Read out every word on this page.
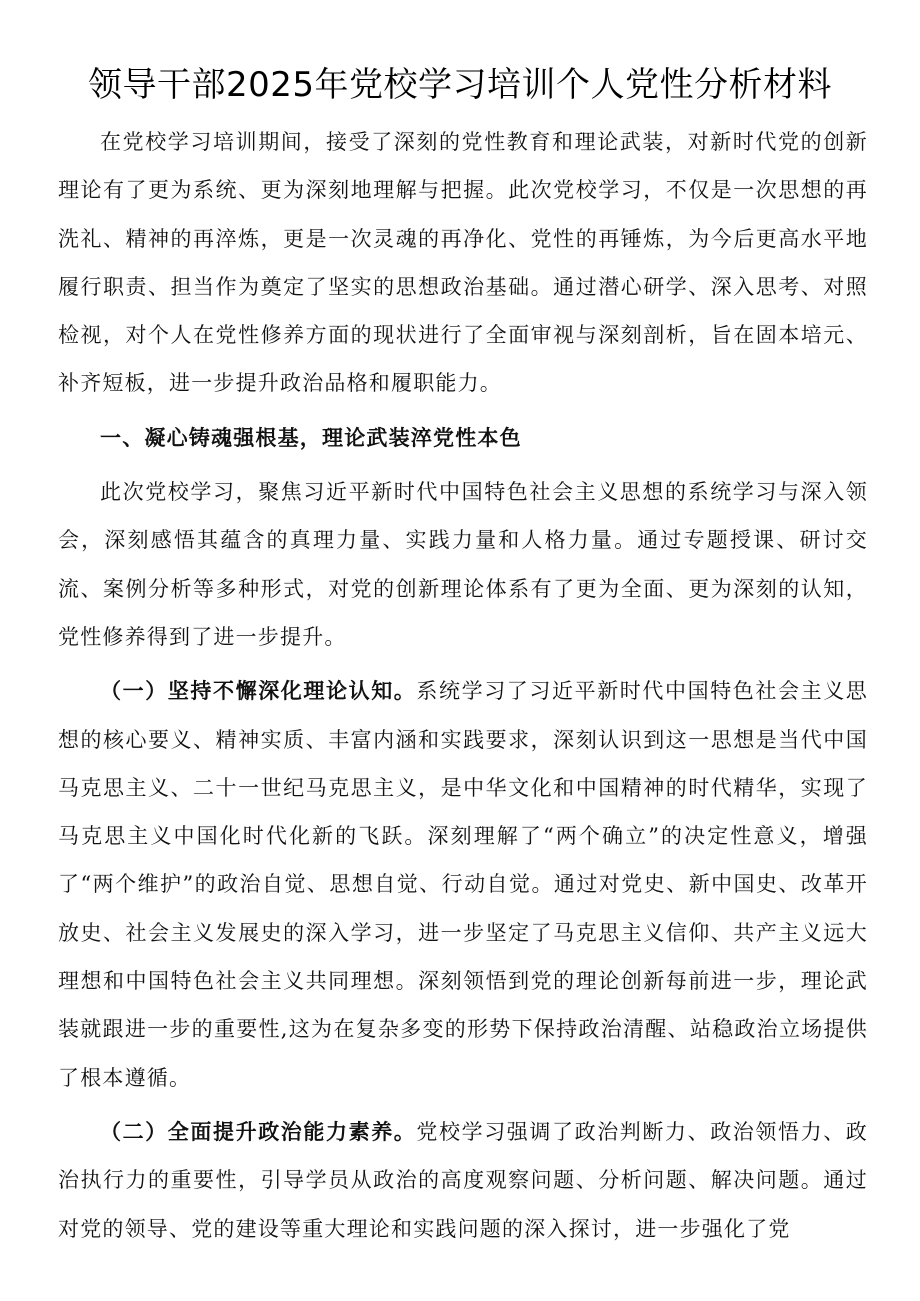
领导干部2025年党校学习培训个人党性分析材料

在党校学习培训期间，接受了深刻的党性教育和理论武装，对新时代党的创新理论有了更为系统、更为深刻地理解与把握。此次党校学习，不仅是一次思想的再洗礼、精神的再淬炼，更是一次灵魂的再净化、党性的再锤炼，为今后更高水平地履行职责、担当作为奠定了坚实的思想政治基础。通过潜心研学、深入思考、对照检视，对个人在党性修养方面的现状进行了全面审视与深刻剖析，旨在固本培元、补齐短板，进一步提升政治品格和履职能力。

一、凝心铸魂强根基，理论武装淬党性本色

此次党校学习，聚焦习近平新时代中国特色社会主义思想的系统学习与深入领会，深刻感悟其蕴含的真理力量、实践力量和人格力量。通过专题授课、研讨交流、案例分析等多种形式，对党的创新理论体系有了更为全面、更为深刻的认知，党性修养得到了进一步提升。

（一）坚持不懈深化理论认知。系统学习了习近平新时代中国特色社会主义思想的核心要义、精神实质、丰富内涵和实践要求，深刻认识到这一思想是当代中国马克思主义、二十一世纪马克思主义，是中华文化和中国精神的时代精华，实现了马克思主义中国化时代化新的飞跃。深刻理解了“两个确立”的决定性意义，增强了“两个维护”的政治自觉、思想自觉、行动自觉。通过对党史、新中国史、改革开放史、社会主义发展史的深入学习，进一步坚定了马克思主义信仰、共产主义远大理想和中国特色社会主义共同理想。深刻领悟到党的理论创新每前进一步，理论武装就跟进一步的重要性,这为在复杂多变的形势下保持政治清醒、站稳政治立场提供了根本遵循。

（二）全面提升政治能力素养。党校学习强调了政治判断力、政治领悟力、政治执行力的重要性，引导学员从政治的高度观察问题、分析问题、解决问题。通过对党的领导、党的建设等重大理论和实践问题的深入探讨，进一步强化了党
